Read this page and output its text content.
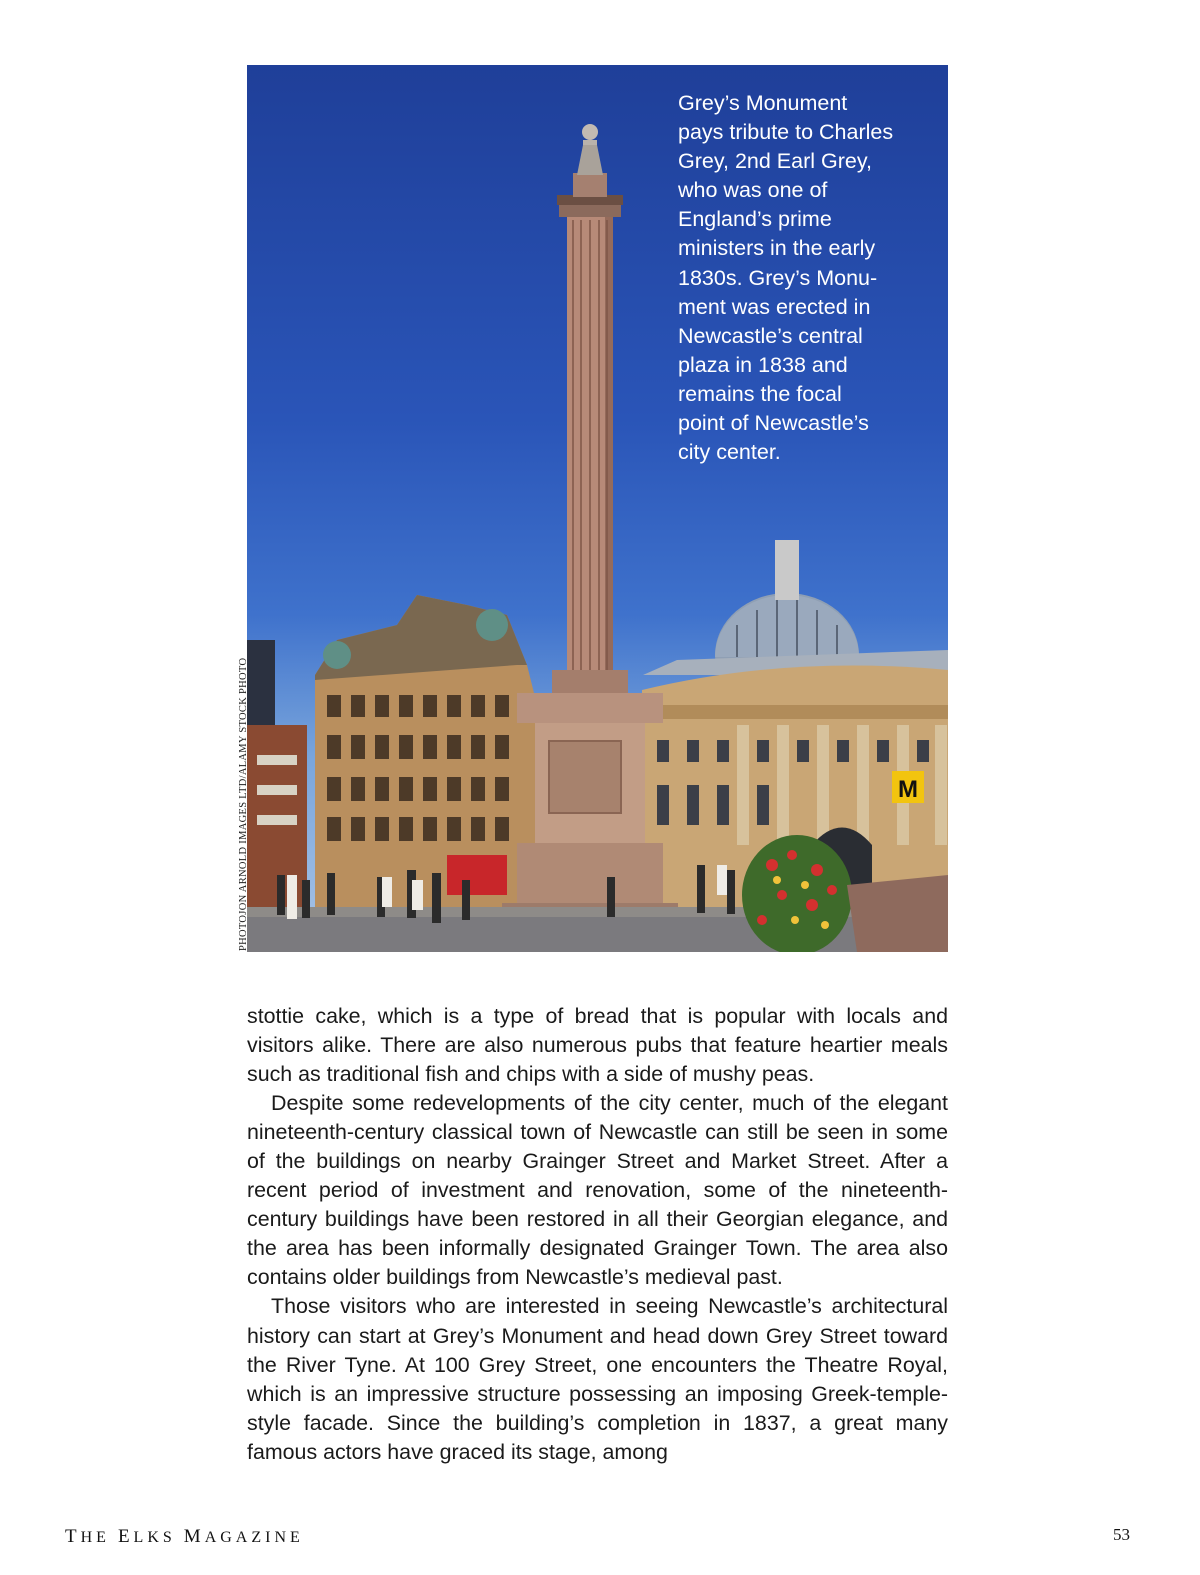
M
Grey’s Monument
pays tribute to Charles
Grey, 2nd Earl Grey,
who was one of
England’s prime
ministers in the early
1830s. Grey’s Monu-
ment was erected in
Newcastle’s central
plaza in 1838 and
remains the focal
point of Newcastle’s
city center.
PHOTOJON ARNOLD IMAGES LTD/ALAMY STOCK PHOTO

stottie cake, which is a type of bread that is popular with locals and visitors alike. There are also numerous pubs that feature heartier meals such as traditional fish and chips with a side of mushy peas.

Despite some redevelopments of the city center, much of the elegant nineteenth-century classical town of Newcastle can still be seen in some of the buildings on nearby Grainger Street and Market Street. After a recent period of investment and renovation, some of the nineteenth-century buildings have been restored in all their Georgian elegance, and the area has been informally designated Grainger Town. The area also contains older buildings from Newcastle’s medieval past.

Those visitors who are interested in seeing Newcastle’s architectural history can start at Grey’s Monument and head down Grey Street toward the River Tyne. At 100 Grey Street, one encounters the Theatre Royal, which is an impressive structure possessing an imposing Greek-temple-style facade. Since the building’s completion in 1837, a great many famous actors have graced its stage, among

THE ELKS MAGAZINE	53
